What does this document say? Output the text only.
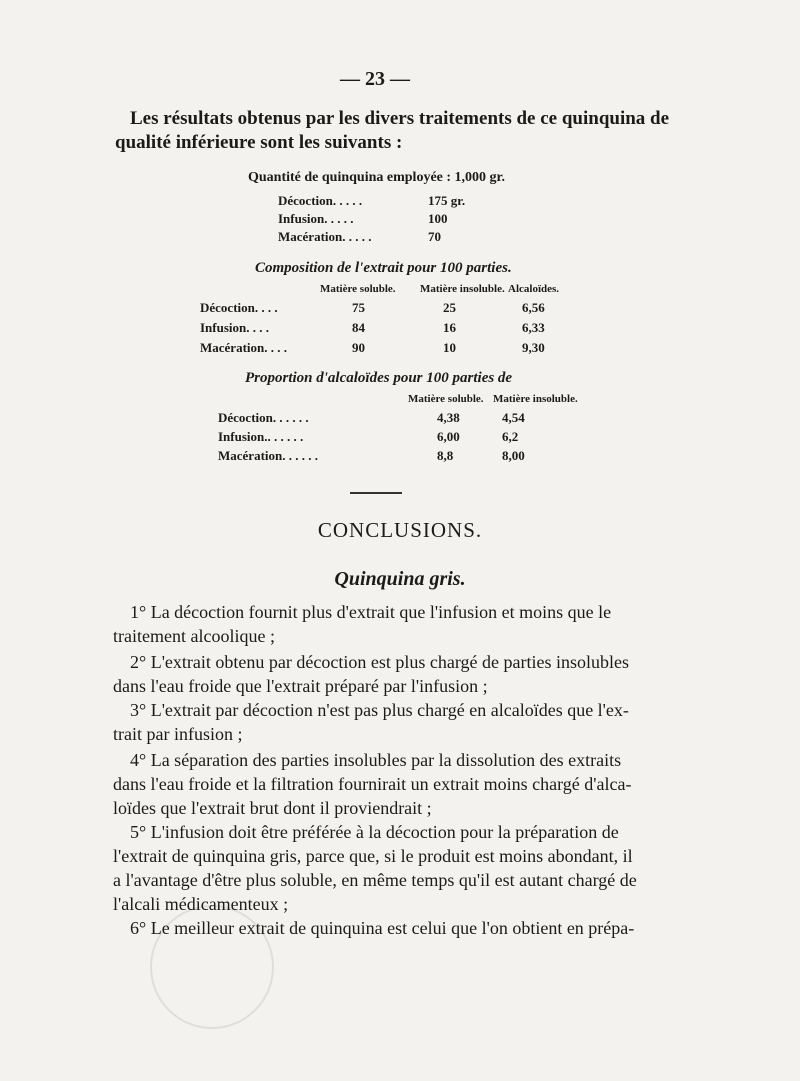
— 23 —
Les résultats obtenus par les divers traitements de ce quinquina de
qualité inférieure sont les suivants :
Quantité de quinquina employée : 1,000 gr.
Décoction. . . . .	175 gr.
Infusion. . . . .	100
Macération. . . . .	70
Composition de l'extrait pour 100 parties.
Matière soluble. Matière insoluble. Alcaloïdes.
Décoction. . . .	75	25	6,56
Infusion. . . .	84	16	6,33
Macération. . . .	90	10	9,30
Proportion d'alcaloïdes pour 100 parties de
Matière soluble. Matière insoluble.
Décoction. . . . . .	4,38	4,54
Infusion.. . . . . .	6,00	6,2
Macération. . . . . .	8,8	8,00
CONCLUSIONS.
Quinquina gris.
1° La décoction fournit plus d'extrait que l'infusion et moins que le
traitement alcoolique ;
2° L'extrait obtenu par décoction est plus chargé de parties insolubles
dans l'eau froide que l'extrait préparé par l'infusion ;
3° L'extrait par décoction n'est pas plus chargé en alcaloïdes que l'ex-
trait par infusion ;
4° La séparation des parties insolubles par la dissolution des extraits
dans l'eau froide et la filtration fournirait un extrait moins chargé d'alca-
loïdes que l'extrait brut dont il proviendrait ;
5° L'infusion doit être préférée à la décoction pour la préparation de
l'extrait de quinquina gris, parce que, si le produit est moins abondant, il
a l'avantage d'être plus soluble, en même temps qu'il est autant chargé de
l'alcali médicamenteux ;
6° Le meilleur extrait de quinquina est celui que l'on obtient en prépa-
